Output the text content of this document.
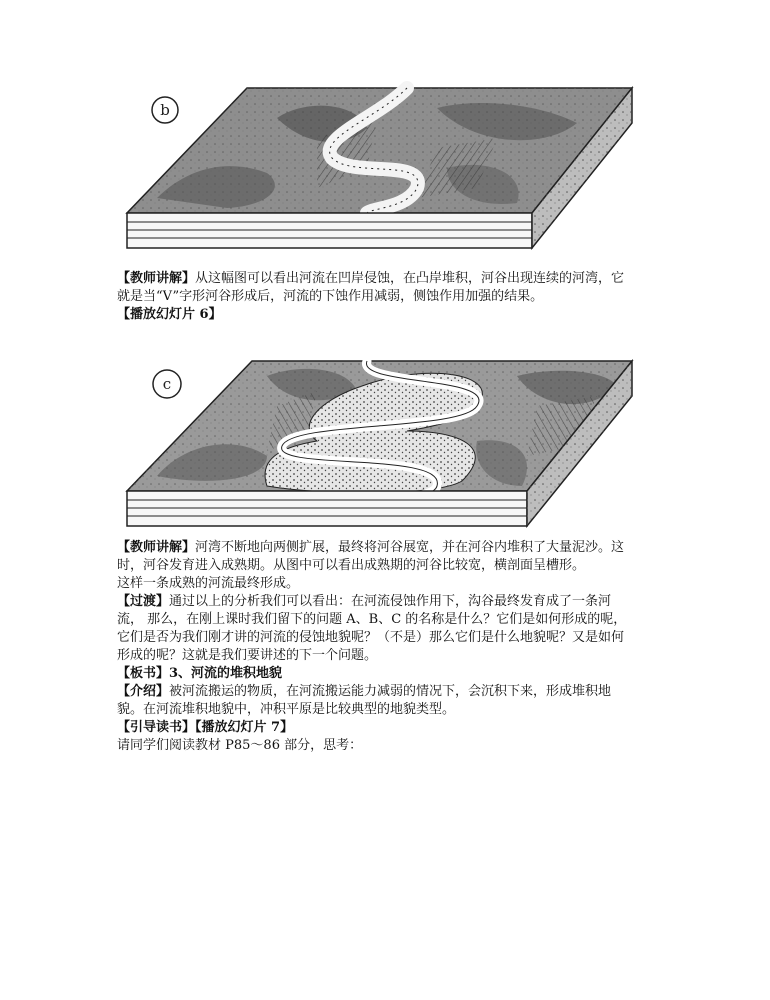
b

【教师讲解】从这幅图可以看出河流在凹岸侵蚀，在凸岸堆积，河谷出现连续的河湾，它

就是当“V”字形河谷形成后，河流的下蚀作用减弱，侧蚀作用加强的结果。

【播放幻灯片 6】

c

【教师讲解】河湾不断地向两侧扩展，最终将河谷展宽，并在河谷内堆积了大量泥沙。这

时，河谷发育进入成熟期。从图中可以看出成熟期的河谷比较宽，横剖面呈槽形。

这样一条成熟的河流最终形成。

【过渡】通过以上的分析我们可以看出：在河流侵蚀作用下，沟谷最终发育成了一条河

流， 那么，在刚上课时我们留下的问题 A、B、C 的名称是什么？它们是如何形成的呢，

它们是否为我们刚才讲的河流的侵蚀地貌呢？（不是）那么它们是什么地貌呢？又是如何

形成的呢？这就是我们要讲述的下一个问题。

【板书】3、河流的堆积地貌

【介绍】被河流搬运的物质，在河流搬运能力减弱的情况下，会沉积下来，形成堆积地

貌。在河流堆积地貌中，冲积平原是比较典型的地貌类型。

【引导读书】【播放幻灯片 7】

请同学们阅读教材 P85～86 部分，思考：
